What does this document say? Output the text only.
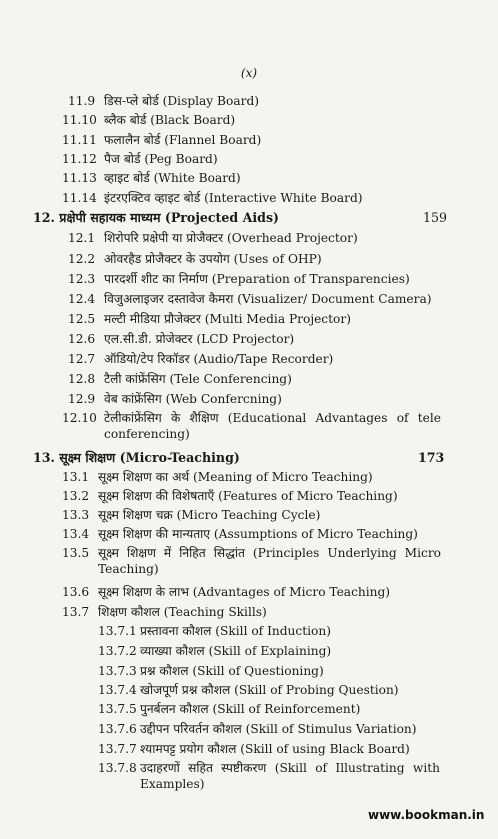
(x)
11.9 डिस-प्ले बोर्ड (Display Board)
11.10 ब्लैक बोर्ड (Black Board)
11.11 फलालैन बोर्ड (Flannel Board)
11.12 पैज बोर्ड (Peg Board)
11.13 व्हाइट बोर्ड (White Board)
11.14 इंटरएक्टिव व्हाइट बोर्ड (Interactive White Board)
12. प्रक्षेपी सहायक माध्यम (Projected Aids)	159
12.1 शिरोपरि प्रक्षेपी या प्रोजैक्टर (Overhead Projector)
12.2 ओवरहैड प्रोजैक्टर के उपयोग (Uses of OHP)
12.3 पारदर्शी शीट का निर्माण (Preparation of Transparencies)
12.4 विजुअलाइजर दस्तावेज कैमरा (Visualizer/ Document Camera)
12.5 मल्टी मीडिया प्रौजेक्टर (Multi Media Projector)
12.6 एल.सी.डी. प्रोजेक्टर (LCD Projector)
12.7 ऑडियो/टेप रिकॉडर (Audio/Tape Recorder)
12.8 टैली कांफ्रेंसिग (Tele Conferencing)
12.9 वेब कांफ्रेंसिग (Web Confercning)
12.10 टेलीकांफ्रेंसिग के शैक्षिण (Educational Advantages of tele conferencing)
13. सूक्ष्म शिक्षण (Micro-Teaching)	173
13.1 सूक्ष्म शिक्षण का अर्थ (Meaning of Micro Teaching)
13.2 सूक्ष्म शिक्षण की विशेषताएँ (Features of Micro Teaching)
13.3 सूक्ष्म शिक्षण चक्र (Micro Teaching Cycle)
13.4 सूक्ष्म शिक्षण की मान्यताए (Assumptions of Micro Teaching)
13.5 सूक्ष्म शिक्षण में निहित सिद्धांत (Principles Underlying Micro Teaching)
13.6 सूक्ष्म शिक्षण के लाभ (Advantages of Micro Teaching)
13.7 शिक्षण कौशल (Teaching Skills)
13.7.1 प्रस्तावना कौशल (Skill of Induction)
13.7.2 व्याख्या कौशल (Skill of Explaining)
13.7.3 प्रश्न कौशल (Skill of Questioning)
13.7.4 खोजपूर्ण प्रश्न कौशल (Skill of Probing Question)
13.7.5 पुनर्बलन कौशल (Skill of Reinforcement)
13.7.6 उद्दीपन परिवर्तन कौशल (Skill of Stimulus Variation)
13.7.7 श्यामपट्ट प्रयोग कौशल (Skill of using Black Board)
13.7.8 उदाहरणों सहित स्पष्टीकरण (Skill of Illustrating with Examples)
www.bookman.in
